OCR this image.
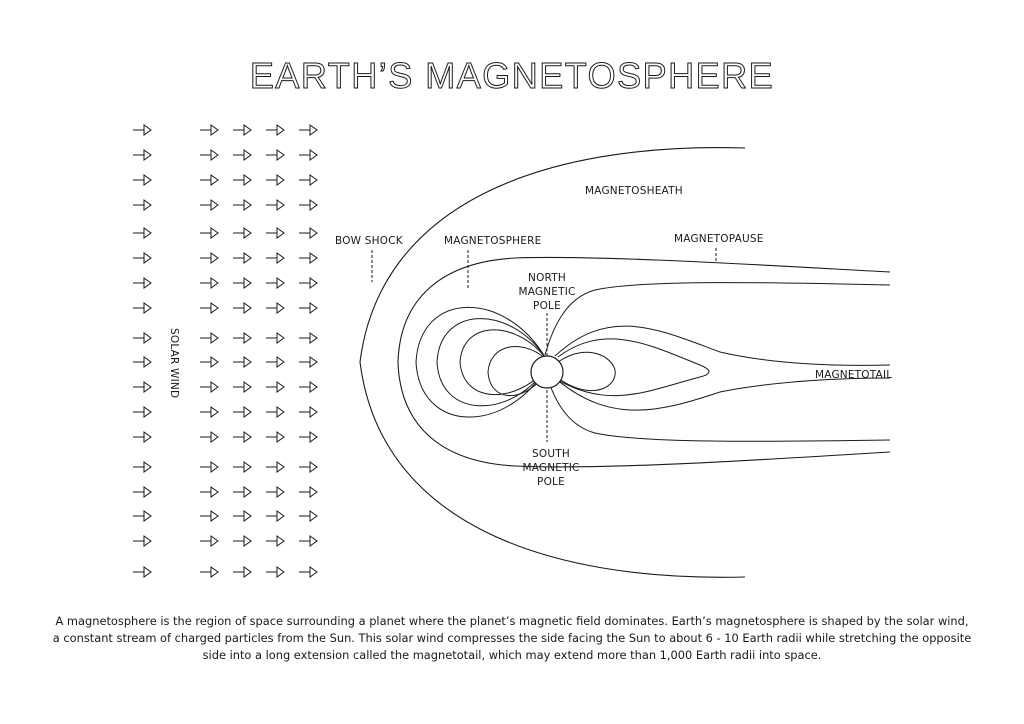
EARTH’S MAGNETOSPHERE
SOLAR WIND
BOW SHOCK
MAGNETOSHEATH
MAGNETOSPHERE	MAGNETOPAUSE
MAGNETOTAIL
NORTH
MAGNETIC
POLE
SOUTH
MAGNETIC
POLE
A magnetosphere is the region of space surrounding a planet where the planet’s magnetic field dominates. Earth’s magnetosphere is shaped by the solar wind, a constant stream of charged particles from the Sun. This solar wind compresses the side facing the Sun to about 6 - 10 Earth radii while stretching the opposite side into a long extension called the magnetotail, which may extend more than 1,000 Earth radii into space.
